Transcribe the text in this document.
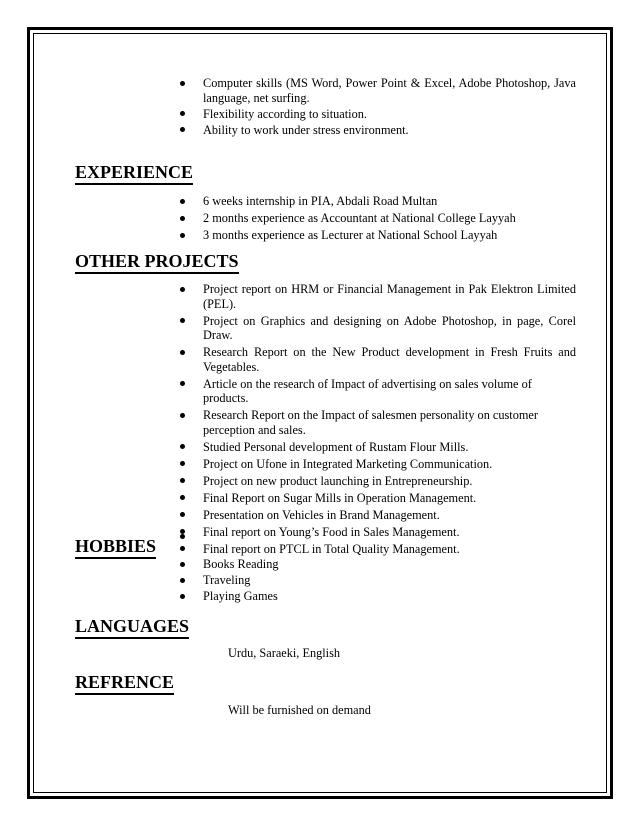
Computer skills (MS Word, Power Point & Excel, Adobe Photoshop, Java language, net surfing.
Flexibility according to situation.
Ability to work under stress environment.
EXPERIENCE
6 weeks internship in PIA, Abdali Road Multan
2 months experience as Accountant at National College Layyah
3 months experience as Lecturer at National School Layyah
OTHER PROJECTS
Project report on HRM or Financial Management in Pak Elektron Limited (PEL).
Project on Graphics and designing on Adobe Photoshop, in page, Corel Draw.
Research Report on the New Product development in Fresh Fruits and Vegetables.
Article on the research of Impact of advertising on sales volume of products.
Research Report on the Impact of salesmen personality on customer perception and sales.
Studied Personal development of Rustam Flour Mills.
Project on Ufone in Integrated Marketing Communication.
Project on new product launching in Entrepreneurship.
Final Report on Sugar Mills in Operation Management.
Presentation on Vehicles in Brand Management.
Final report on Young’s Food in Sales Management.
Final report on PTCL in Total Quality Management.
HOBBIES
Books Reading
Traveling
Playing Games
LANGUAGES

Urdu, Saraeki, English

REFRENCE

Will be furnished on demand
